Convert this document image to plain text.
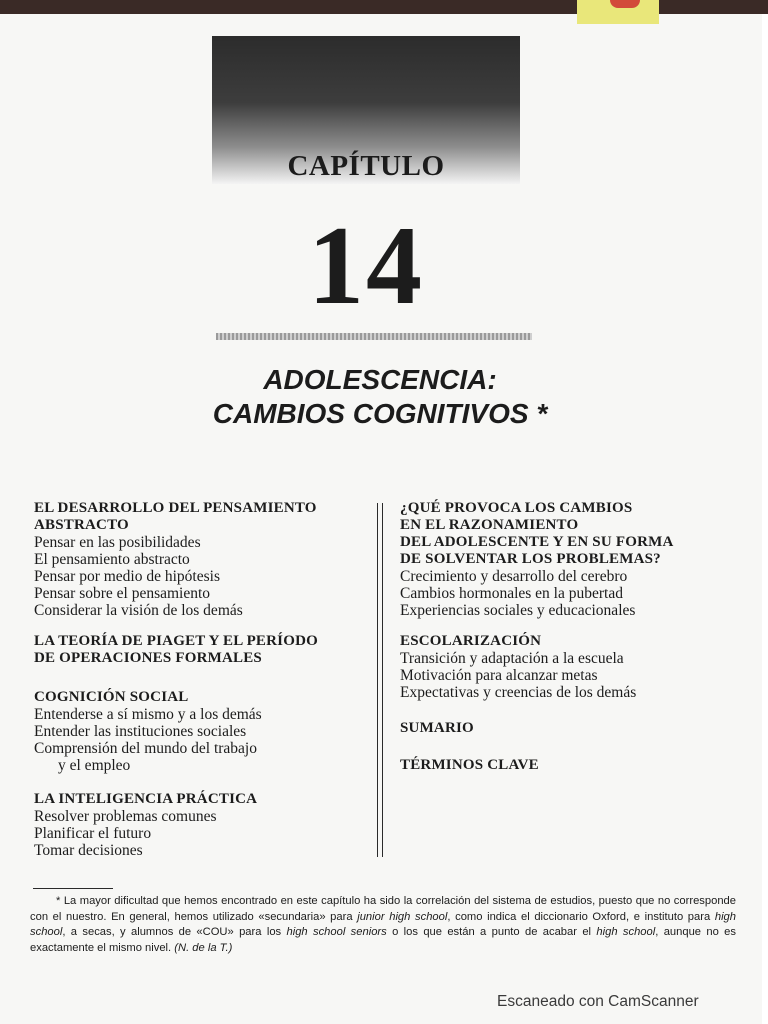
CAPÍTULO
14
ADOLESCENCIA:
CAMBIOS COGNITIVOS *
EL DESARROLLO DEL PENSAMIENTO
ABSTRACTO
Pensar en las posibilidades
El pensamiento abstracto
Pensar por medio de hipótesis
Pensar sobre el pensamiento
Considerar la visión de los demás
LA TEORÍA DE PIAGET Y EL PERÍODO
DE OPERACIONES FORMALES
COGNICIÓN SOCIAL
Entenderse a sí mismo y a los demás
Entender las instituciones sociales
Comprensión del mundo del trabajo
y el empleo
LA INTELIGENCIA PRÁCTICA
Resolver problemas comunes
Planificar el futuro
Tomar decisiones
¿QUÉ PROVOCA LOS CAMBIOS
EN EL RAZONAMIENTO
DEL ADOLESCENTE Y EN SU FORMA
DE SOLVENTAR LOS PROBLEMAS?
Crecimiento y desarrollo del cerebro
Cambios hormonales en la pubertad
Experiencias sociales y educacionales
ESCOLARIZACIÓN
Transición y adaptación a la escuela
Motivación para alcanzar metas
Expectativas y creencias de los demás
SUMARIO
TÉRMINOS CLAVE

* La mayor dificultad que hemos encontrado en este capítulo ha sido la correlación del sistema de estudios, puesto que no corresponde con el nuestro. En general, hemos utilizado «secundaria» para junior high school, como indica el diccionario Oxford, e instituto para high school, a secas, y alumnos de «COU» para los high school seniors o los que están a punto de acabar el high school, aunque no es exactamente el mismo nivel. (N. de la T.)

Escaneado con CamScanner
